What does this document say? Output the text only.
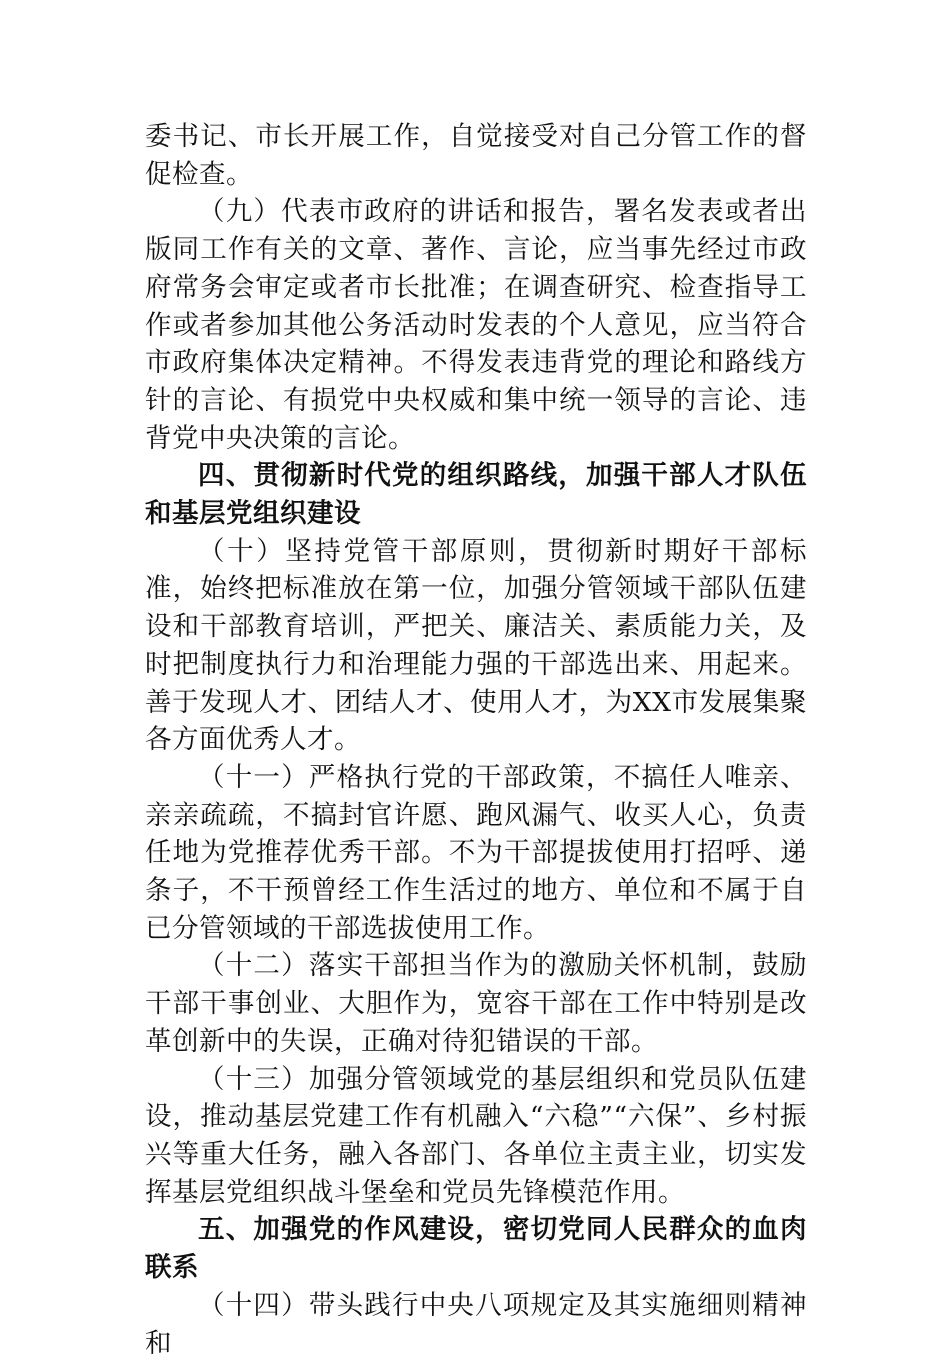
委书记、市长开展工作，自觉接受对自己分管工作的督促检查。

（九）代表市政府的讲话和报告，署名发表或者出版同工作有关的文章、著作、言论，应当事先经过市政府常务会审定或者市长批准；在调查研究、检查指导工作或者参加其他公务活动时发表的个人意见，应当符合市政府集体决定精神。不得发表违背党的理论和路线方针的言论、有损党中央权威和集中统一领导的言论、违背党中央决策的言论。

四、贯彻新时代党的组织路线，加强干部人才队伍和基层党组织建设

（十）坚持党管干部原则，贯彻新时期好干部标准，始终把标准放在第一位，加强分管领域干部队伍建设和干部教育培训，严把关、廉洁关、素质能力关，及时把制度执行力和治理能力强的干部选出来、用起来。善于发现人才、团结人才、使用人才，为XX市发展集聚各方面优秀人才。

（十一）严格执行党的干部政策，不搞任人唯亲、亲亲疏疏，不搞封官许愿、跑风漏气、收买人心，负责任地为党推荐优秀干部。不为干部提拔使用打招呼、递条子，不干预曾经工作生活过的地方、单位和不属于自已分管领域的干部选拔使用工作。

（十二）落实干部担当作为的激励关怀机制，鼓励干部干事创业、大胆作为，宽容干部在工作中特别是改革创新中的失误，正确对待犯错误的干部。

（十三）加强分管领域党的基层组织和党员队伍建设，推动基层党建工作有机融入“六稳”“六保”、乡村振兴等重大任务，融入各部门、各单位主责主业，切实发挥基层党组织战斗堡垒和党员先锋模范作用。

五、加强党的作风建设，密切党同人民群众的血肉联系

（十四）带头践行中央八项规定及其实施细则精神和
